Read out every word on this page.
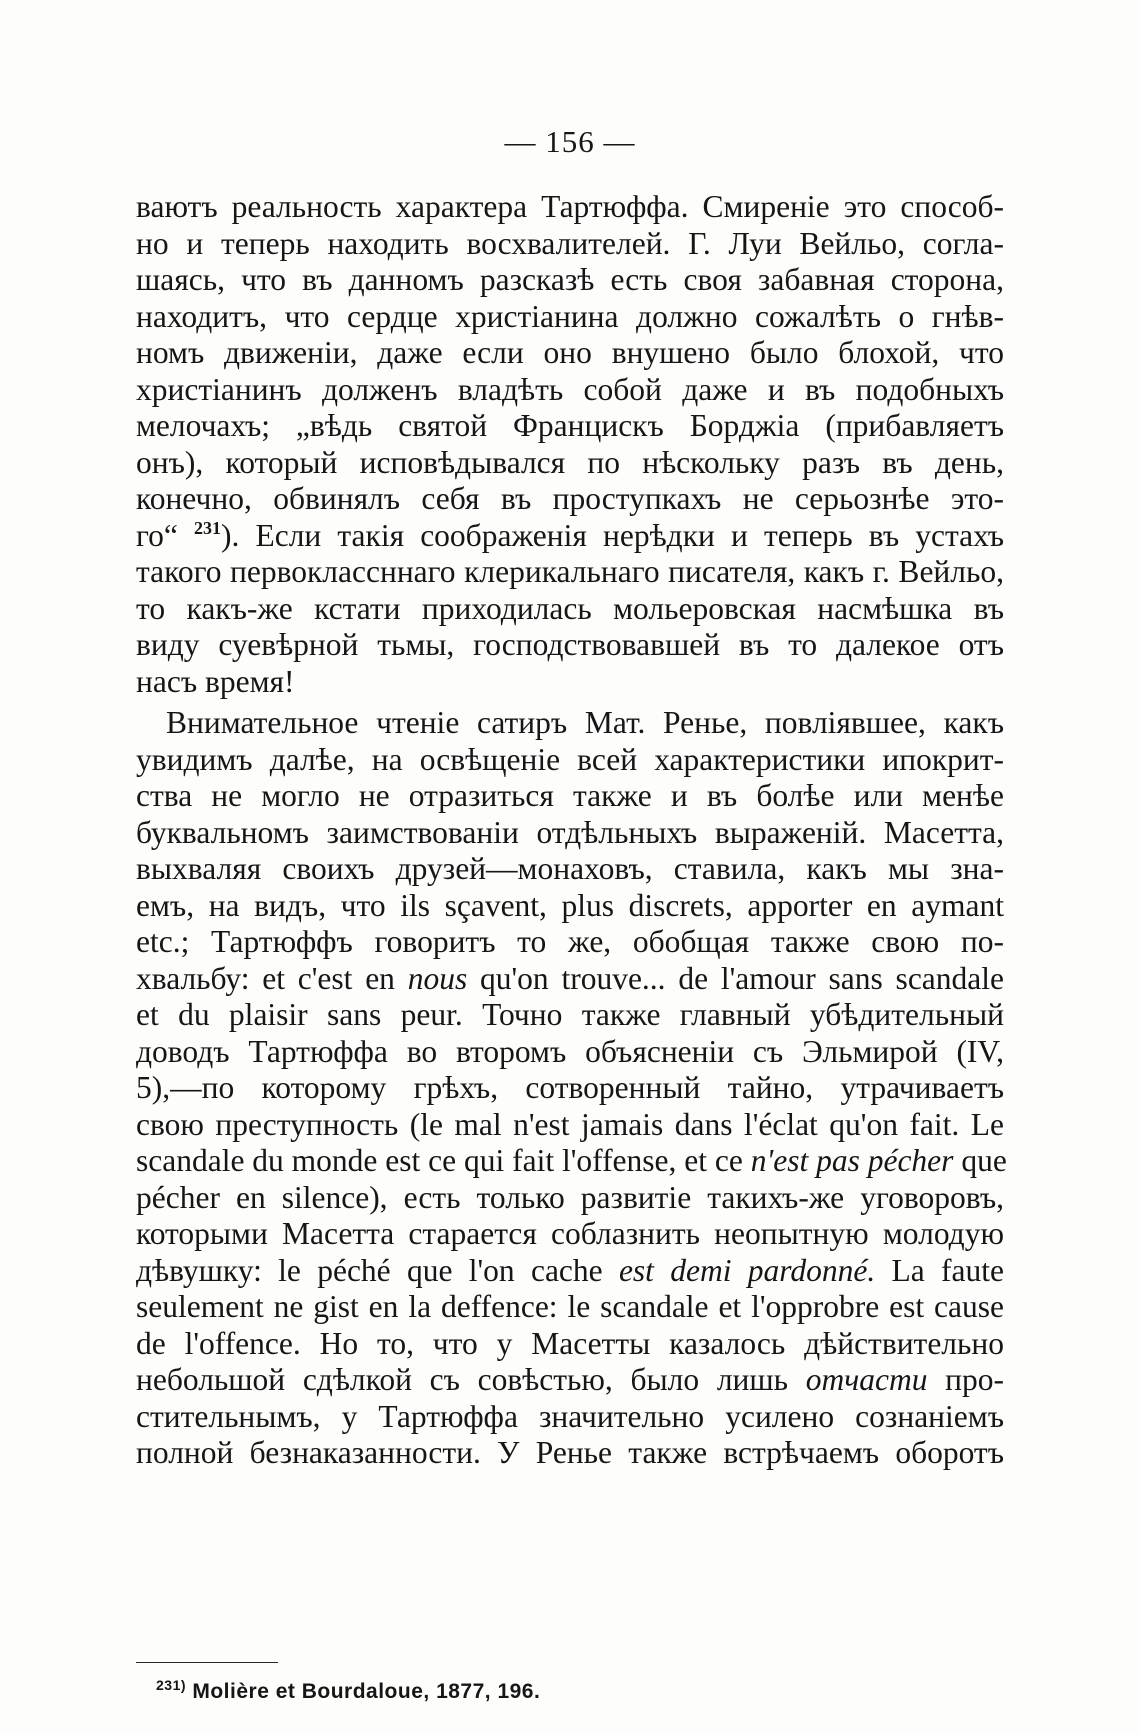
— 156 —
ваютъ реальность характера Тартюффа. Смиреніе это способ-
но и теперь находить восхвалителей. Г. Луи Вейльо, согла-
шаясь, что въ данномъ разсказѣ есть своя забавная сторона,
находитъ, что сердце христіанина должно сожалѣть о гнѣв-
номъ движеніи, даже если оно внушено было блохой, что
христіанинъ долженъ владѣть собой даже и въ подобныхъ
мелочахъ; „вѣдь святой Францискъ Борджіа (прибавляетъ
онъ), который исповѣдывался по нѣскольку разъ въ день,
конечно, обвинялъ себя въ проступкахъ не серьознѣе это-
го“ $^{231}$). Если такія соображенія нерѣдки и теперь въ устахъ
такого первоклассннаго клерикальнаго писателя, какъ г. Вейльо,
то какъ-же кстати приходилась мольеровская насмѣшка въ
виду суевѣрной тьмы, господствовавшей въ то далекое отъ
насъ время!
Внимательное чтеніе сатиръ Мат. Ренье, повліявшее, какъ
увидимъ далѣе, на освѣщеніе всей характеристики ипокрит-
ства не могло не отразиться также и въ болѣе или менѣе
буквальномъ заимствованіи отдѣльныхъ выраженій. Масетта,
выхваляя своихъ друзей—монаховъ, ставила, какъ мы зна-
емъ, на видъ, что ils sçavent, plus discrets, apporter en aymant
etc.; Тартюффъ говоритъ то же, обобщая также свою по-
хвальбу: et c'est en nous qu'on trouve... de l'amour sans scandale
et du plaisir sans peur. Точно также главный убѣдительный
доводъ Тартюффа во второмъ объясненіи съ Эльмирой (IV,
5),—по которому грѣхъ, сотворенный тайно, утрачиваетъ
свою преступность (le mal n'est jamais dans l'éclat qu'on fait. Le
scandale du monde est ce qui fait l'offense, et ce n'est pas pécher que
pécher en silence), есть только развитіе такихъ-же уговоровъ,
которыми Масетта старается соблазнить неопытную молодую
дѣвушку: le péché que l'on cache est demi pardonné. La faute
seulement ne gist en la deffence: le scandale et l'opprobre est cause
de l'offence. Но то, что у Масетты казалось дѣйствительно
небольшой сдѣлкой съ совѣстью, было лишь отчасти про-
стительнымъ, у Тартюффа значительно усилено сознаніемъ
полной безнаказанности. У Ренье также встрѣчаемъ оборотъ
$^{231)}$ Molière et Bourdaloue, 1877, 196.
